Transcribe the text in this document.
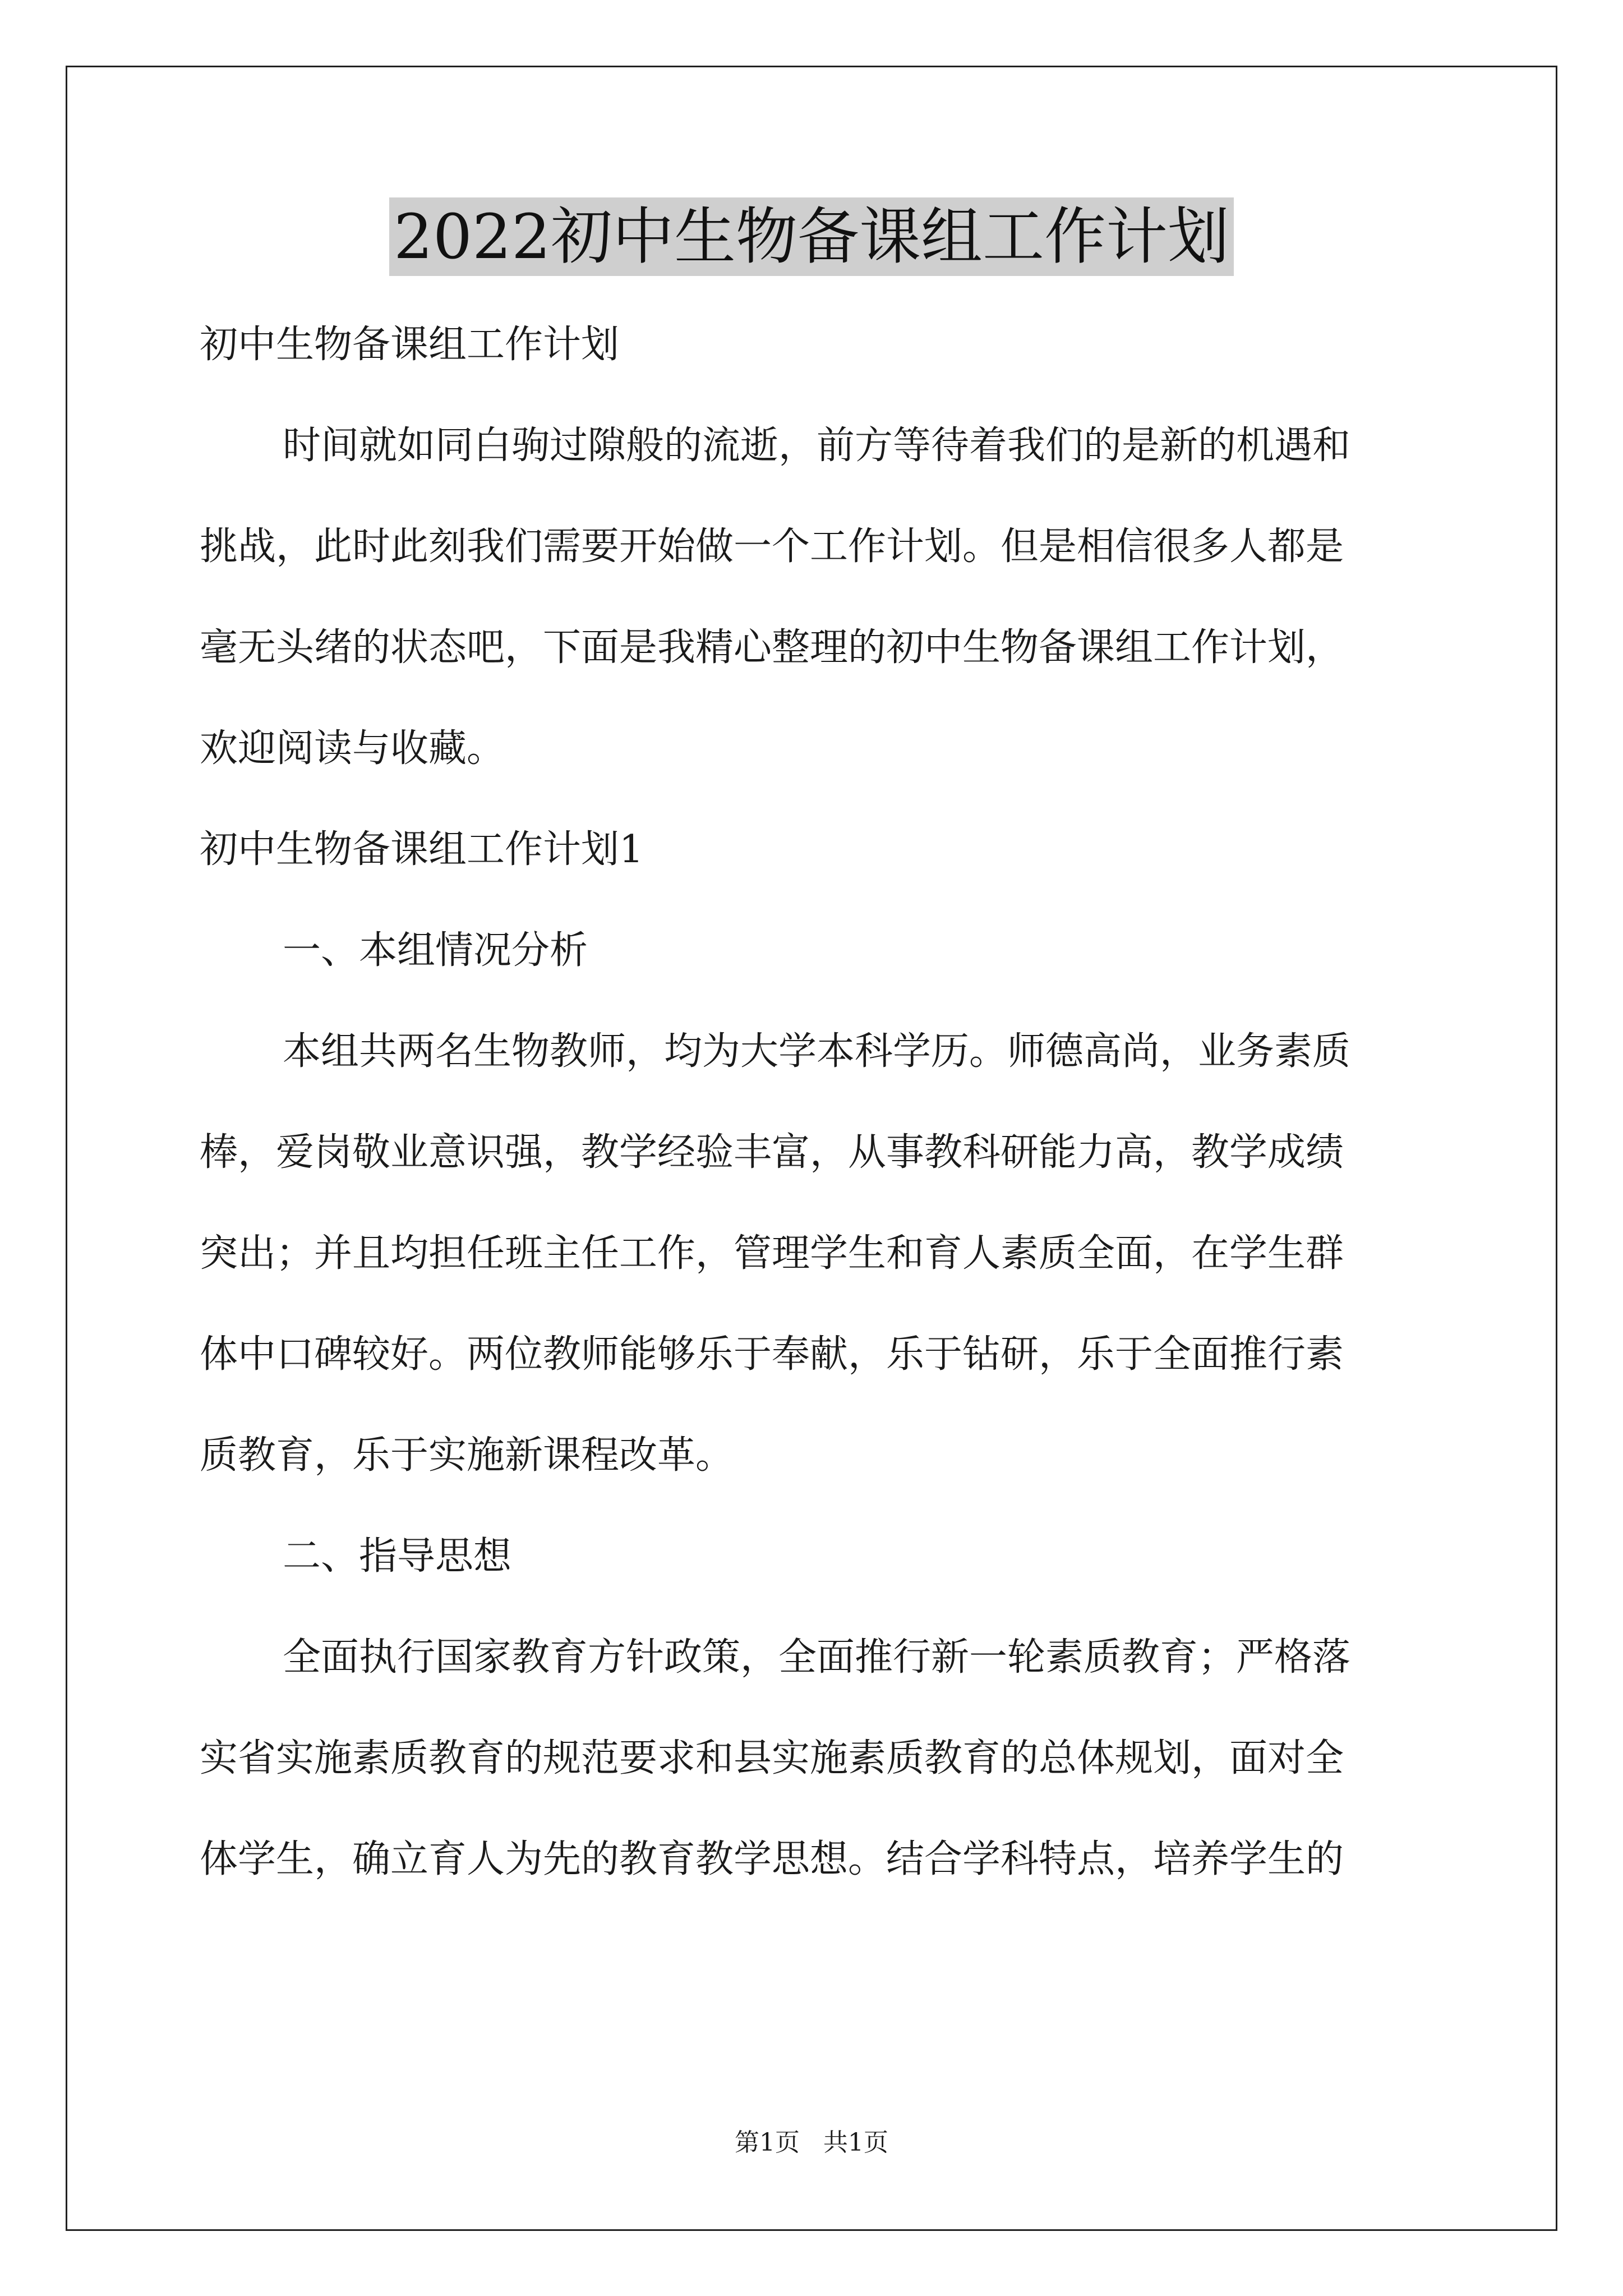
2022初中生物备课组工作计划
初中生物备课组工作计划
时间就如同白驹过隙般的流逝，前方等待着我们的是新的机遇和
挑战，此时此刻我们需要开始做一个工作计划。但是相信很多人都是
毫无头绪的状态吧，下面是我精心整理的初中生物备课组工作计划，
欢迎阅读与收藏。
初中生物备课组工作计划1
一、本组情况分析
本组共两名生物教师，均为大学本科学历。师德高尚，业务素质
棒，爱岗敬业意识强，教学经验丰富，从事教科研能力高，教学成绩
突出；并且均担任班主任工作，管理学生和育人素质全面，在学生群
体中口碑较好。两位教师能够乐于奉献，乐于钻研，乐于全面推行素
质教育，乐于实施新课程改革。
二、指导思想
全面执行国家教育方针政策，全面推行新一轮素质教育；严格落
实省实施素质教育的规范要求和县实施素质教育的总体规划，面对全
体学生，确立育人为先的教育教学思想。结合学科特点，培养学生的
第1页   共1页
